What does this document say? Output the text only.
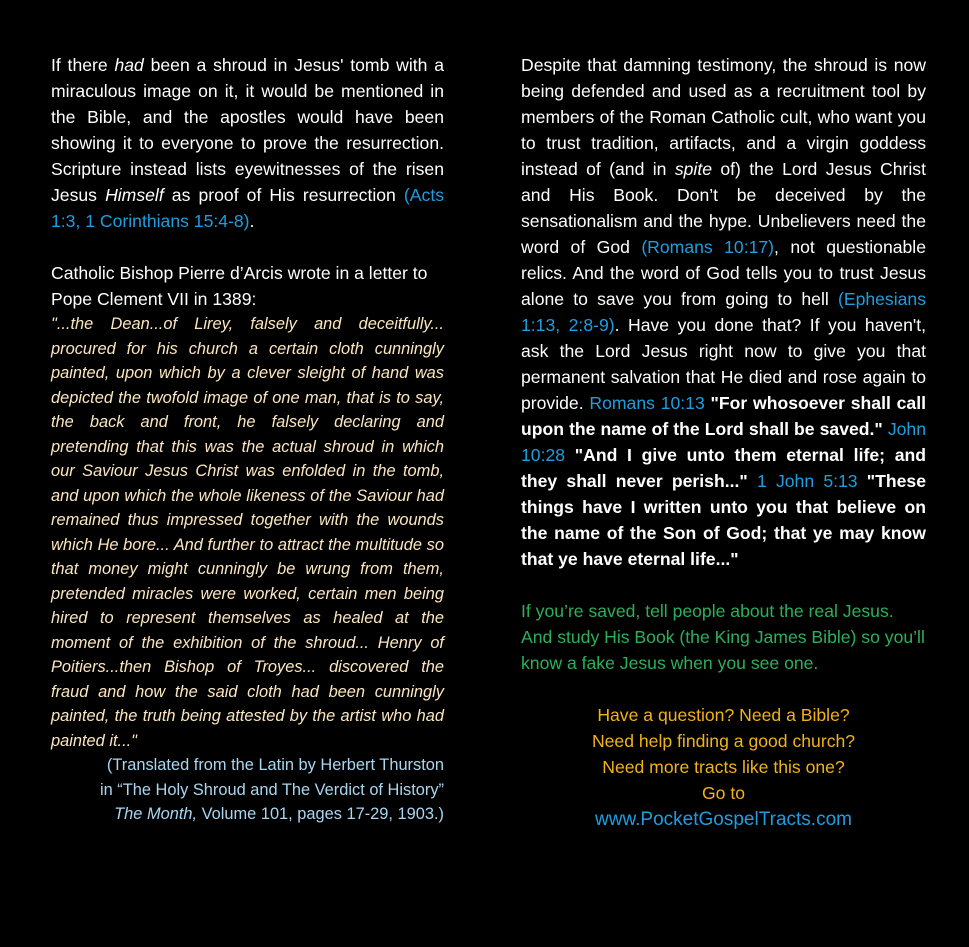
If there had been a shroud in Jesus' tomb with a miraculous image on it, it would be mentioned in the Bible, and the apostles would have been showing it to everyone to prove the resurrection. Scripture instead lists eyewitnesses of the risen Jesus Himself as proof of His resurrection (Acts 1:3, 1 Corinthians 15:4-8).
Catholic Bishop Pierre d’Arcis wrote in a letter to Pope Clement VII in 1389:
"...the Dean...of Lirey, falsely and deceitfully... procured for his church a certain cloth cunningly painted, upon which by a clever sleight of hand was depicted the twofold image of one man, that is to say, the back and front, he falsely declaring and pretending that this was the actual shroud in which our Saviour Jesus Christ was enfolded in the tomb, and upon which the whole likeness of the Saviour had remained thus impressed together with the wounds which He bore... And further to attract the multitude so that money might cunningly be wrung from them, pretended miracles were worked, certain men being hired to represent themselves as healed at the moment of the exhibition of the shroud... Henry of Poitiers...then Bishop of Troyes... discovered the fraud and how the said cloth had been cunningly painted, the truth being attested by the artist who had painted it..."
(Translated from the Latin by Herbert Thurston
in “The Holy Shroud and The Verdict of History”
The Month, Volume 101, pages 17-29, 1903.)
Despite that damning testimony, the shroud is now being defended and used as a recruitment tool by members of the Roman Catholic cult, who want you to trust tradition, artifacts, and a virgin goddess instead of (and in spite of) the Lord Jesus Christ and His Book. Don’t be deceived by the sensationalism and the hype. Unbelievers need the word of God (Romans 10:17), not questionable relics. And the word of God tells you to trust Jesus alone to save you from going to hell (Ephesians 1:13, 2:8-9). Have you done that? If you haven't, ask the Lord Jesus right now to give you that permanent salvation that He died and rose again to provide. Romans 10:13 "For whosoever shall call upon the name of the Lord shall be saved." John 10:28 "And I give unto them eternal life; and they shall never perish..." 1 John 5:13 "These things have I written unto you that believe on the name of the Son of God; that ye may know that ye have eternal life..."
If you’re saved, tell people about the real Jesus. And study His Book (the King James Bible) so you’ll know a fake Jesus when you see one.
Have a question? Need a Bible?
Need help finding a good church?
Need more tracts like this one?
Go to
www.PocketGospelTracts.com
